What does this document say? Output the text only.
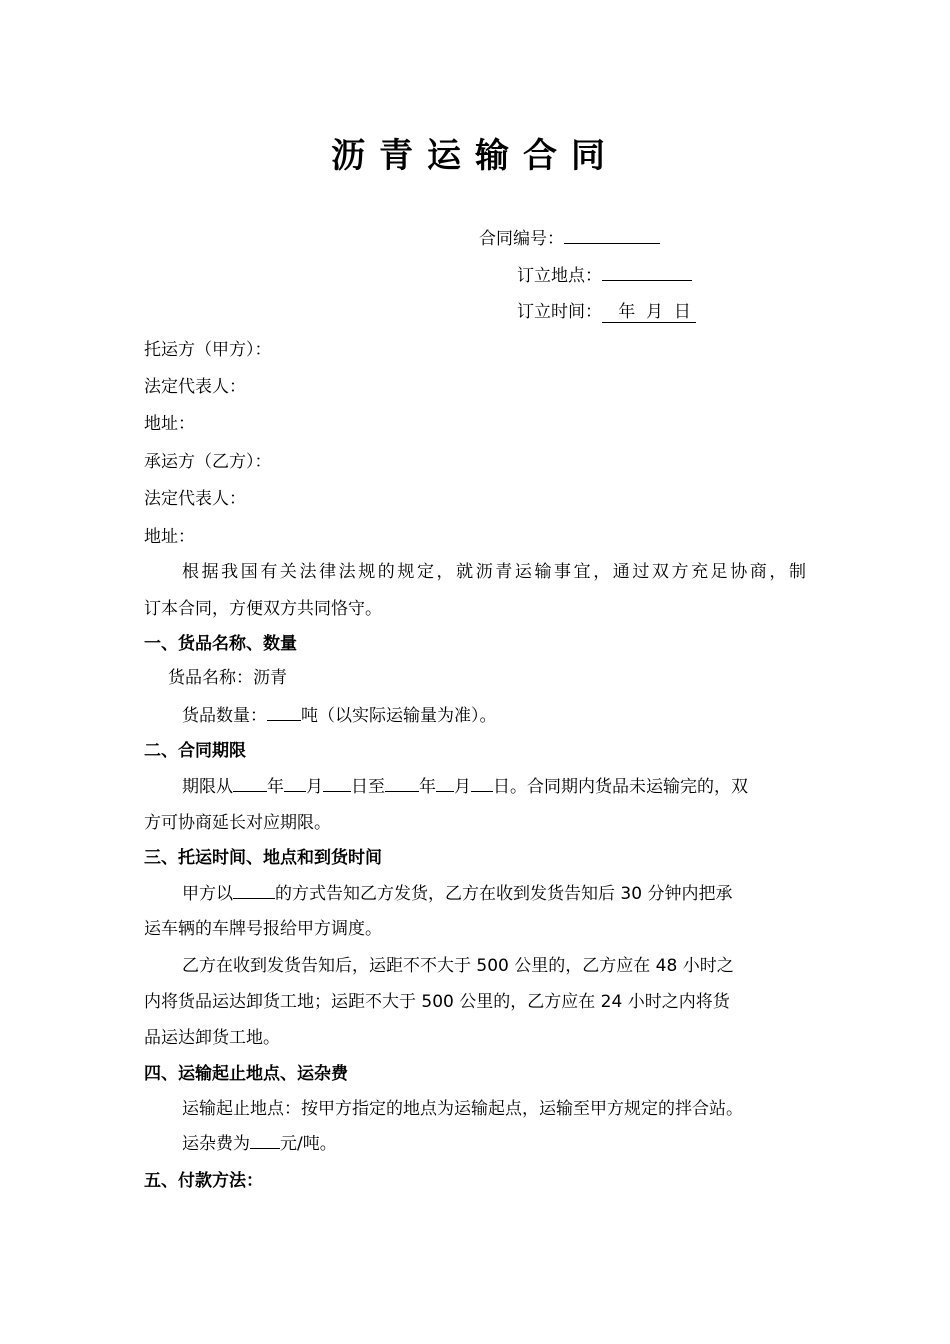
沥青运输合同
合同编号：
订立地点：
订立时间：   年  月  日
托运方（甲方）：
法定代表人：
地址：
承运方（乙方）：
法定代表人：
地址：
根据我国有关法律法规的规定，就沥青运输事宜，通过双方充足协商，制
订本合同，方便双方共同恪守。
一、货品名称、数量
货品名称：沥青
货品数量： 吨（以实际运输量为准）。
二、合同期限
期限从 年 月 日至 年 月 日。合同期内货品未运输完的，双
方可协商延长对应期限。
三、托运时间、地点和到货时间
甲方以 的方式告知乙方发货，乙方在收到发货告知后 30 分钟内把承
运车辆的车牌号报给甲方调度。
乙方在收到发货告知后，运距不不大于 500 公里的，乙方应在 48 小时之
内将货品运达卸货工地；运距不大于 500 公里的，乙方应在 24 小时之内将货
品运达卸货工地。
四、运输起止地点、运杂费
运输起止地点：按甲方指定的地点为运输起点，运输至甲方规定的拌合站。
运杂费为 元/吨。
五、付款方法：
